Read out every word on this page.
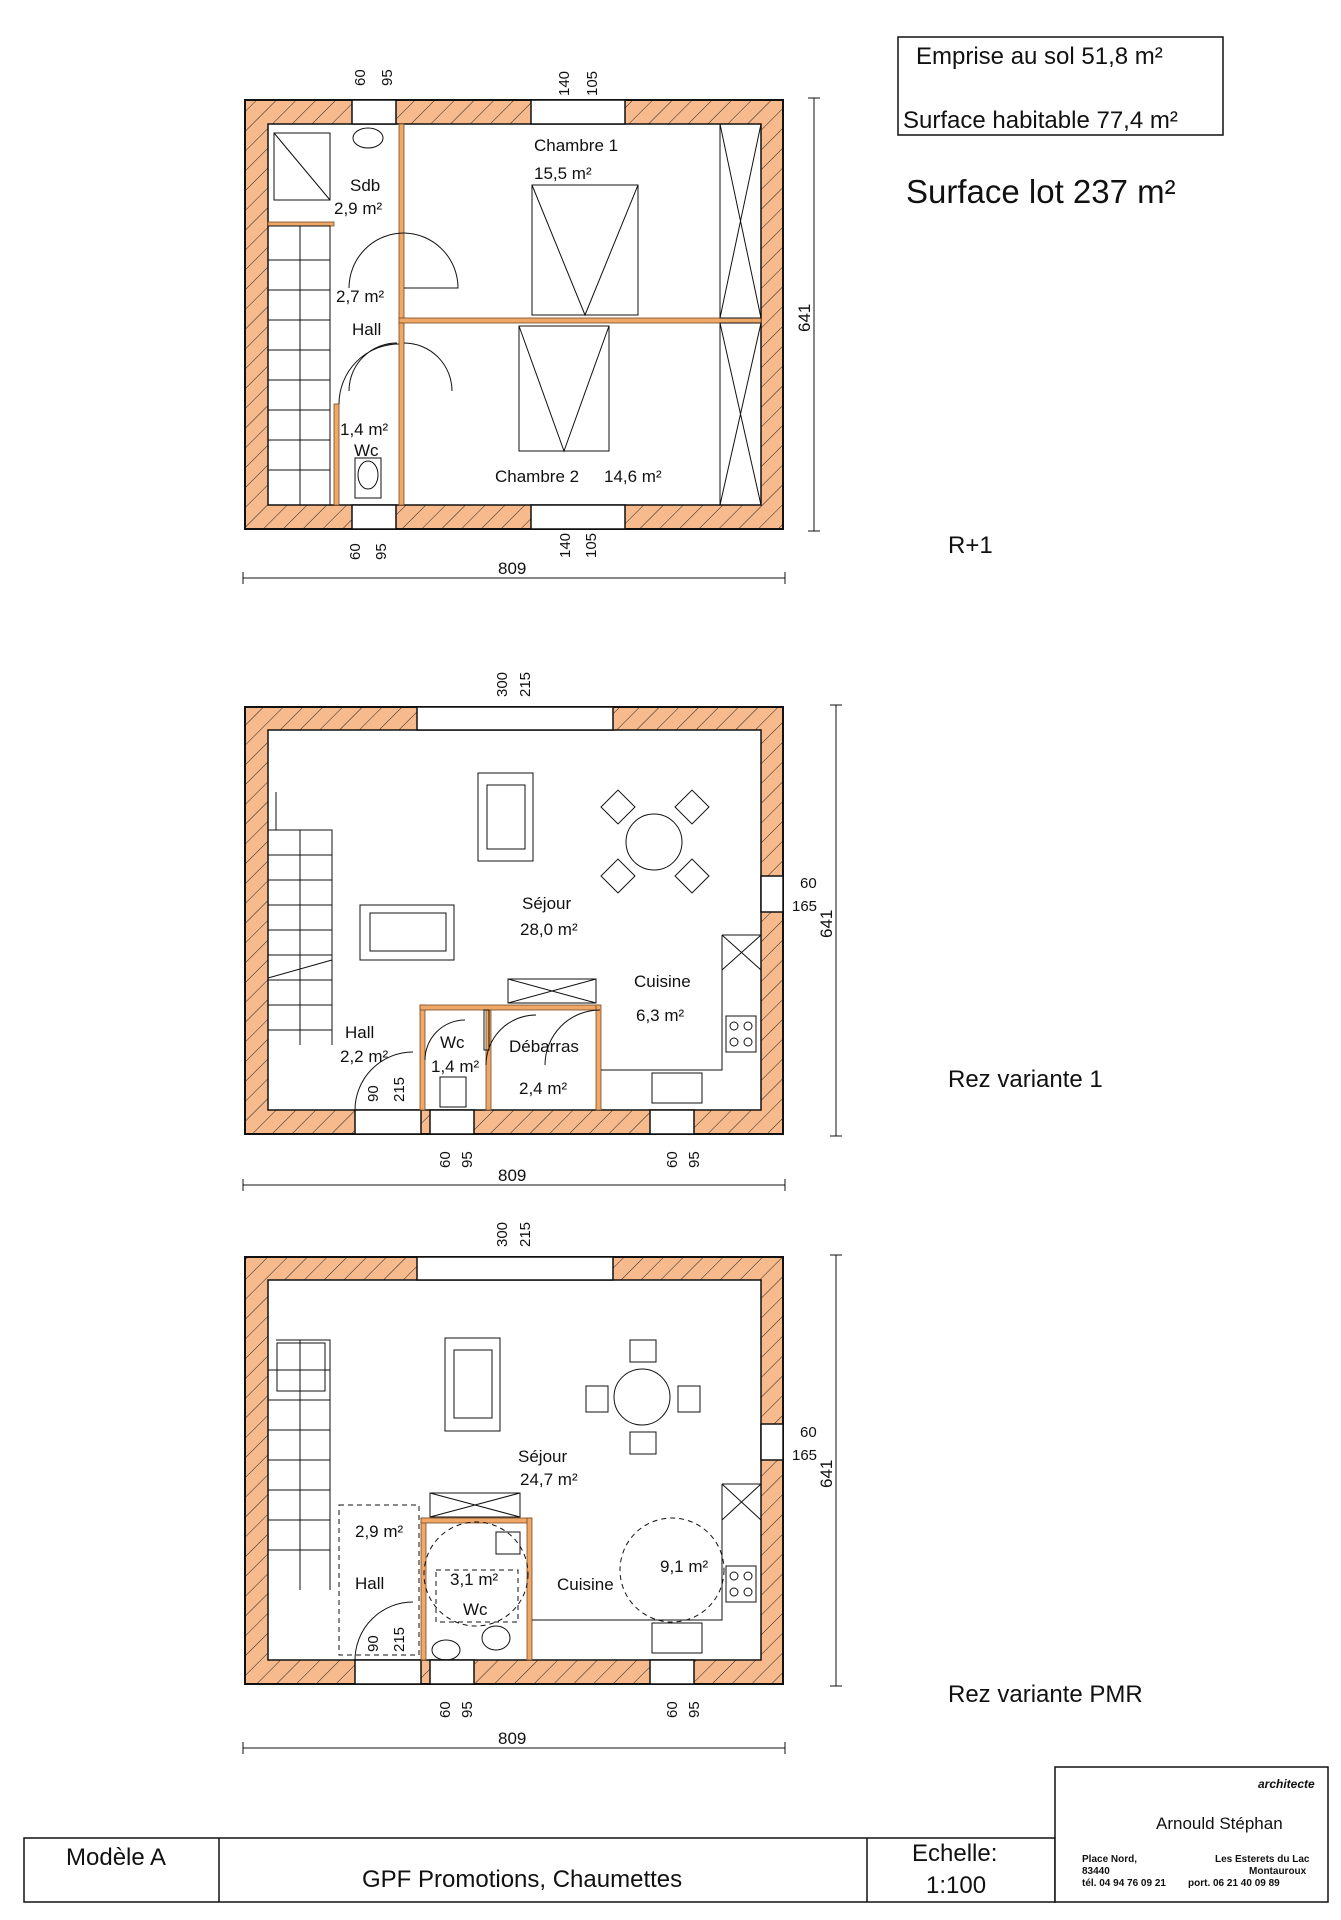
Emprise au sol 51,8 m²
Surface habitable 77,4 m²
Surface lot 237 m²
Chambre 1
15,5 m²
Sdb
2,9 m²
2,7 m²
Hall
1,4 m²
Wc
Chambre 2 14,6 m²
60 95	140 105
60 95	140 105
809
641
R+1
Séjour
28,0 m²
Cuisine
6,3 m²
Hall
2,2 m²
Wc
1,4 m²
Débarras
2,4 m²
300 215
60
165
90 215
60 95	60 95
809
641
Rez variante 1
Séjour
24,7 m²
2,9 m²
Hall	3,1 m²
Wc
Cuisine
9,1 m²
300 215
60
165
90 215
60 95	60 95
809
641
Rez variante PMR
Modèle A
GPF Promotions, Chaumettes
Echelle:
1:100
architecte
Arnould Stéphan
Place Nord,	Les Esterets du Lac
83440	Montauroux
tél. 04 94 76 09 21 port. 06 21 40 09 89
